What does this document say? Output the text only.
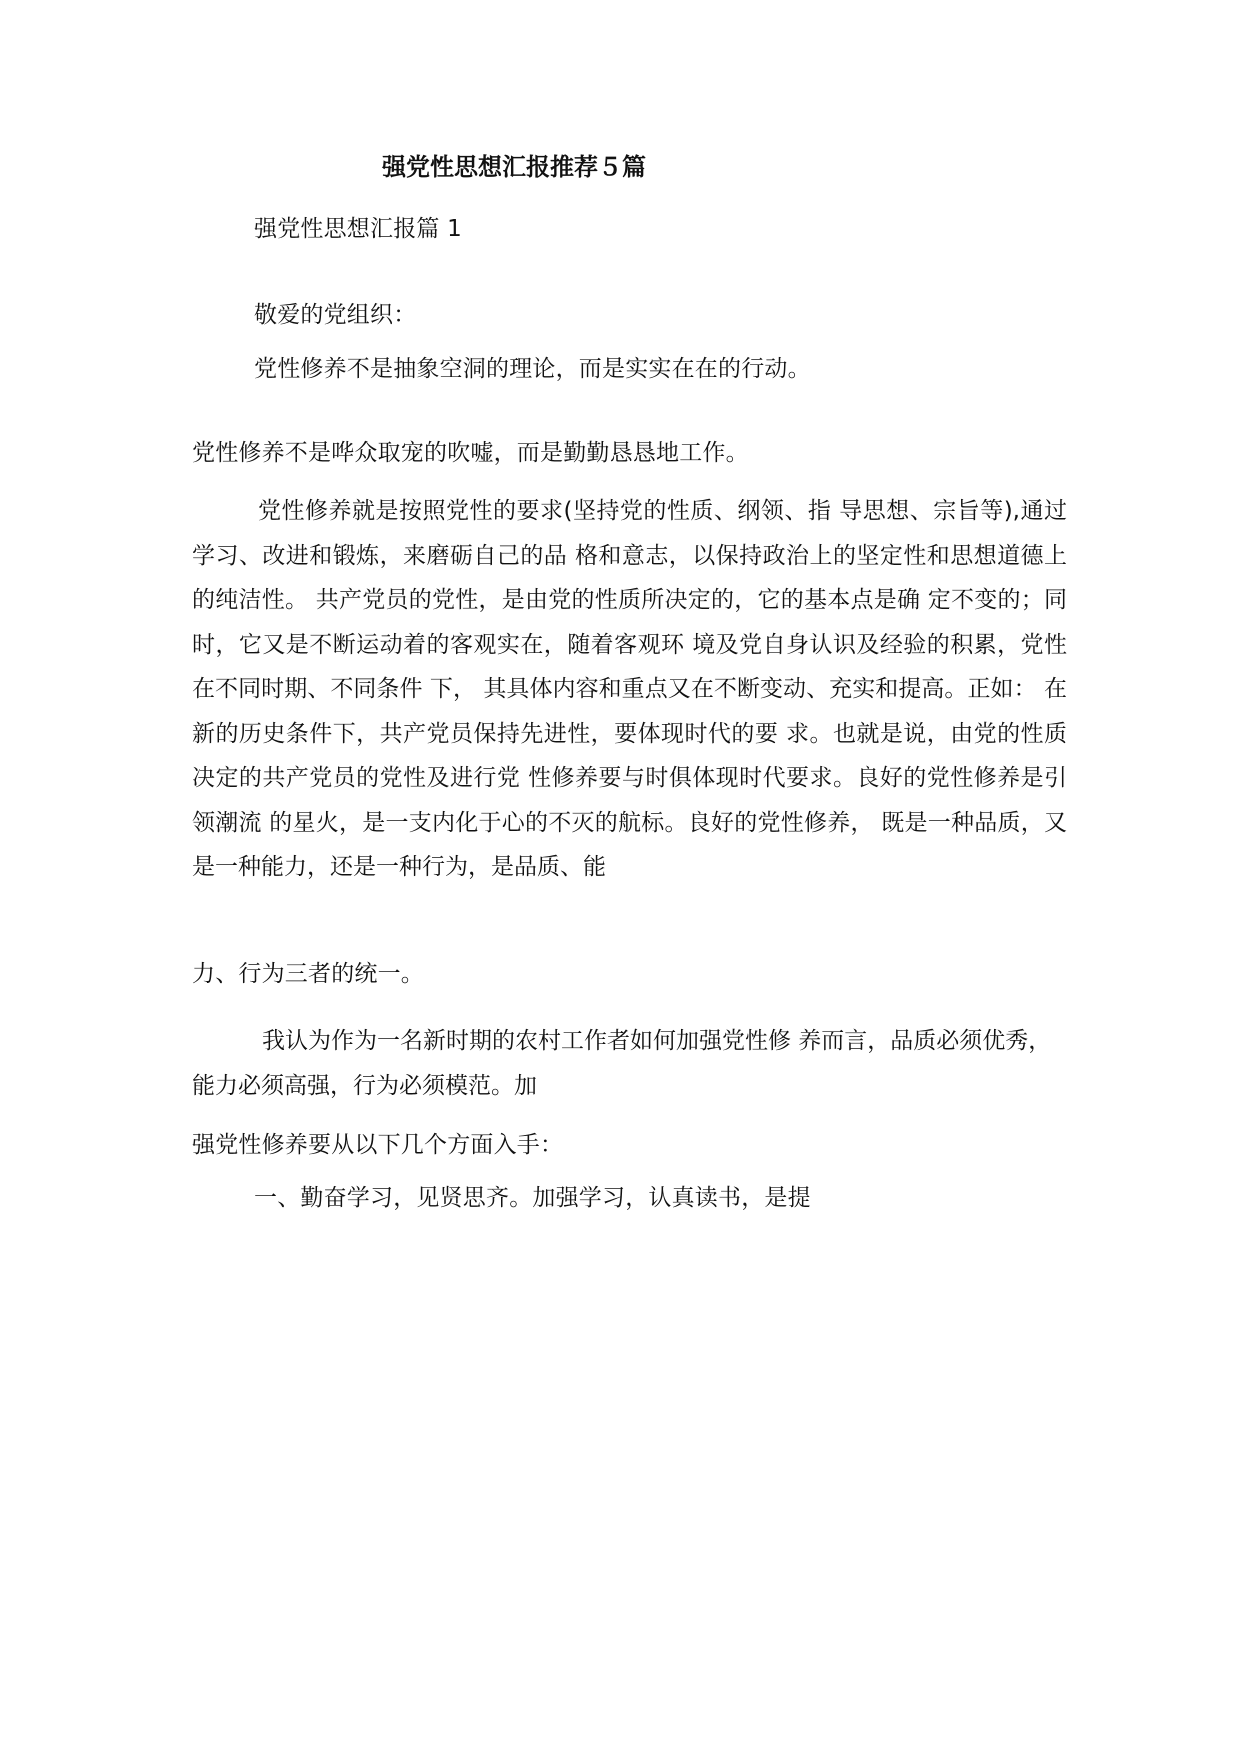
强党性思想汇报推荐５篇

强党性思想汇报篇 1

敬爱的党组织：

党性修养不是抽象空洞的理论，而是实实在在的行动。

党性修养不是哗众取宠的吹嘘，而是勤勤恳恳地工作。

党性修养就是按照党性的要求(坚持党的性质、纲领、指 导思想、宗旨等),通过学习、改进和锻炼，来磨砺自己的品 格和意志，以保持政治上的坚定性和思想道德上的纯洁性。 共产党员的党性，是由党的性质所决定的，它的基本点是确 定不变的；同时，它又是不断运动着的客观实在，随着客观环 境及党自身认识及经验的积累，党性在不同时期、不同条件 下， 其具体内容和重点又在不断变动、充实和提高。正如： 在新的历史条件下，共产党员保持先进性，要体现时代的要 求。也就是说，由党的性质决定的共产党员的党性及进行党 性修养要与时俱体现时代要求。良好的党性修养是引领潮流 的星火，是一支内化于心的不灭的航标。良好的党性修养， 既是一种品质，又是一种能力，还是一种行为，是品质、能

力、行为三者的统一。

我认为作为一名新时期的农村工作者如何加强党性修 养而言，品质必须优秀，能力必须高强，行为必须模范。加

强党性修养要从以下几个方面入手：

一、勤奋学习，见贤思齐。加强学习，认真读书，是提
